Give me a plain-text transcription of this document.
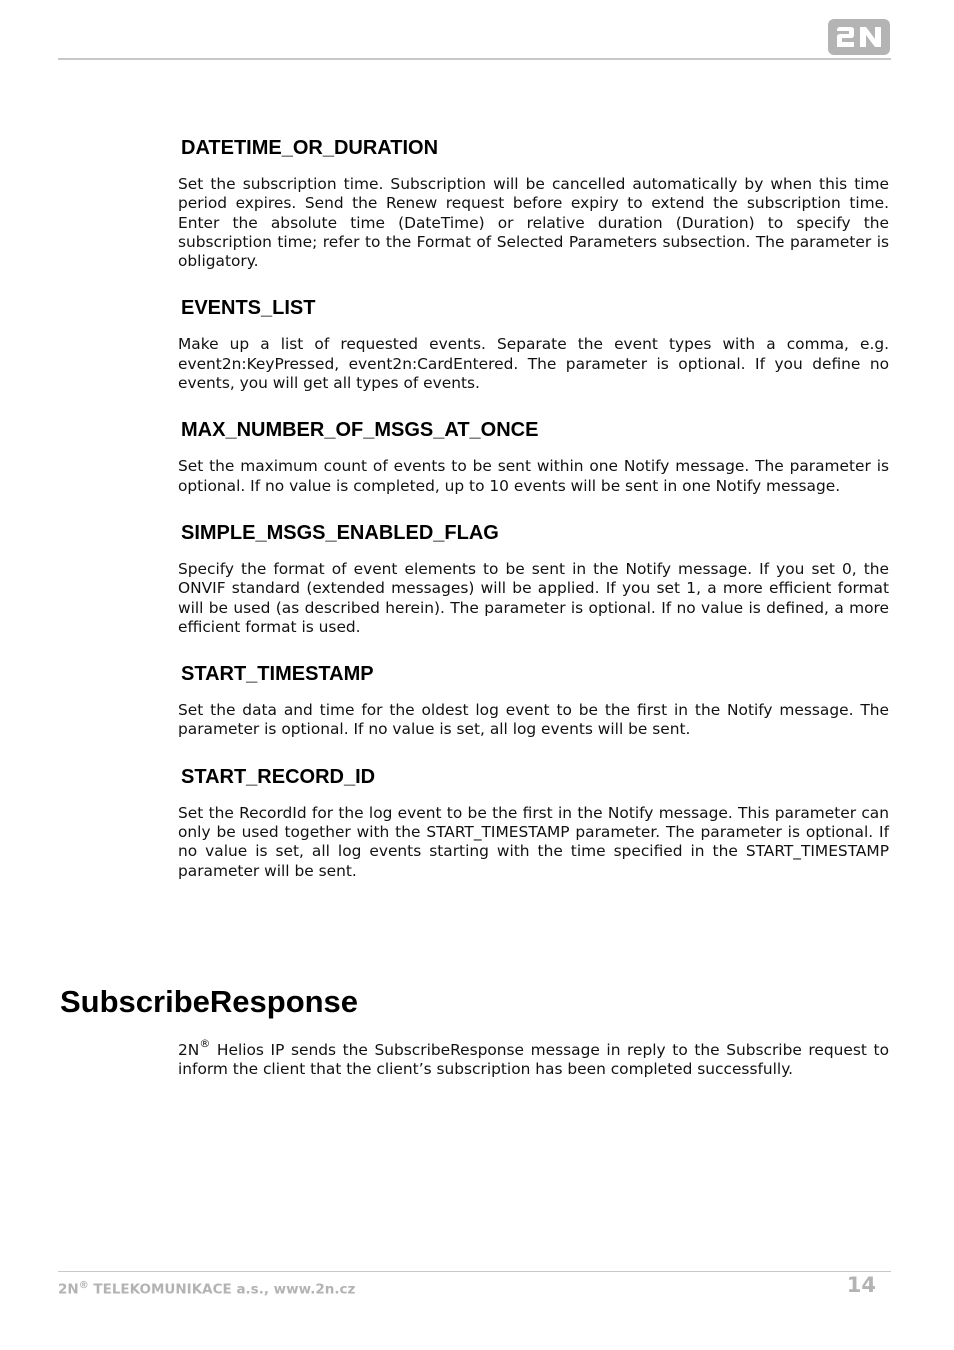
DATETIME_OR_DURATION

Set the subscription time. Subscription will be cancelled automatically by when this time period expires. Send the Renew request before expiry to extend the subscription time. Enter the absolute time (DateTime) or relative duration (Duration) to specify the subscription time; refer to the Format of Selected Parameters subsection. The parameter is obligatory.

EVENTS_LIST

Make up a list of requested events. Separate the event types with a comma, e.g. event2n:KeyPressed, event2n:CardEntered. The parameter is optional. If you define no events, you will get all types of events.

MAX_NUMBER_OF_MSGS_AT_ONCE

Set the maximum count of events to be sent within one Notify message. The parameter is optional. If no value is completed, up to 10 events will be sent in one Notify message.

SIMPLE_MSGS_ENABLED_FLAG

Specify the format of event elements to be sent in the Notify message. If you set 0, the ONVIF standard (extended messages) will be applied. If you set 1, a more efficient format will be used (as described herein). The parameter is optional. If no value is defined, a more efficient format is used.

START_TIMESTAMP

Set the data and time for the oldest log event to be the first in the Notify message. The parameter is optional. If no value is set, all log events will be sent.

START_RECORD_ID

Set the RecordId for the log event to be the first in the Notify message. This parameter can only be used together with the START_TIMESTAMP parameter. The parameter is optional. If no value is set, all log events starting with the time specified in the START_TIMESTAMP parameter will be sent.

SubscribeResponse

2N® Helios IP sends the SubscribeResponse message in reply to the Subscribe request to inform the client that the client’s subscription has been completed successfully.

2N® TELEKOMUNIKACE a.s., www.2n.cz	14
